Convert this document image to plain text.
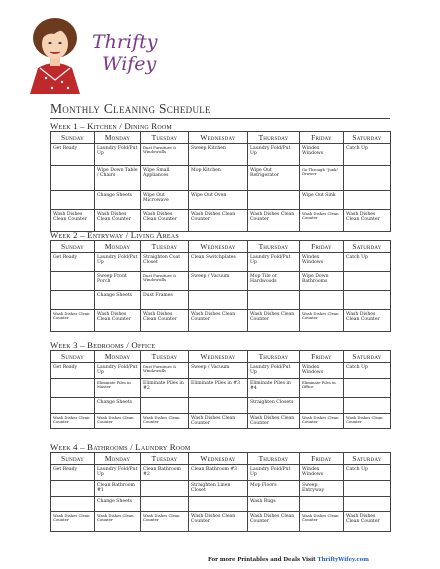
Thrifty
Wifey
Monthly Cleaning Schedule
Week 1 – Kitchen / Dining Room
Sunday	Monday	Tuesday	Wednesday	Thursday	Friday	Saturday
Get Ready	Laundry Fold/Put Up	Dust Furniture & Windowsills	Sweep Kitchen	Laundry Fold/Put Up	Windex Windows	Catch Up
	Wipe Down Table / Chairs	Wipe Small Appliances	Mop Kitchen	Wipe Out Refrigerator	Go Through "Junk" Drawer	
	Change Sheets	Wipe Out Microwave	Wipe Out Oven		Wipe Out Sink	
Wash Dishes Clean Counter	Wash Dishes Clean Counter	Wash Dishes Clean Counter	Wash Dishes Clean Counter	Wash Dishes Clean Counter	Wash Dishes Clean Counter	Wash Dishes Clean Counter
Week 2 – Entryway / Living Areas
Sunday	Monday	Tuesday	Wednesday	Thursday	Friday	Saturday
Get Ready	Laundry Fold/Put Up	Straighten Coat Closet	Clean Switchplates	Laundry Fold/Put Up	Windex Windows	Catch Up
	Sweep Front Porch	Dust Furniture & Windowsills	Sweep / Vacuum	Mop Tile or Hardwoods	Wipe Down Bathrooms	
	Change Sheets	Dust Frames				
Wash Dishes Clean Counter	Wash Dishes Clean Counter	Wash Dishes Clean Counter	Wash Dishes Clean Counter	Wash Dishes Clean Counter	Wash Dishes Clean Counter	Wash Dishes Clean Counter
Week 3 – Bedrooms / Office
Sunday	Monday	Tuesday	Wednesday	Thursday	Friday	Saturday
Get Ready	Laundry Fold/Put Up	Dust Furniture & Windowsills	Sweep / Vacuum	Laundry Fold/Put Up	Windex Windows	Catch Up
	Eliminate Piles in Master	Eliminate Piles in #2	Eliminate Piles in #3	Eliminate Piles in #4	Eliminate Piles in Office	
	Change Sheets			Straighten Closets		
Wash Dishes Clean Counter	Wash Dishes Clean Counter	Wash Dishes Clean Counter	Wash Dishes Clean Counter	Wash Dishes Clean Counter	Wash Dishes Clean Counter	Wash Dishes Clean Counter
Week 4 – Bathrooms / Laundry Room
Sunday	Monday	Tuesday	Wednesday	Thursday	Friday	Saturday
Get Ready	Laundry Fold/Put Up	Clean Bathroom #2	Clean Bathroom #3	Laundry Fold/Put Up	Windex Windows	Catch Up
	Clean Bathroom #1		Straighten Linen Closet	Mop Floors	Sweep Entryway	
	Change Sheets			Wash Rugs		
Wash Dishes Clean Counter	Wash Dishes Clean Counter	Wash Dishes Clean Counter	Wash Dishes Clean Counter	Wash Dishes Clean Counter	Wash Dishes Clean Counter	Wash Dishes Clean Counter
For more Printables and Deals Visit ThriftyWifey.com
